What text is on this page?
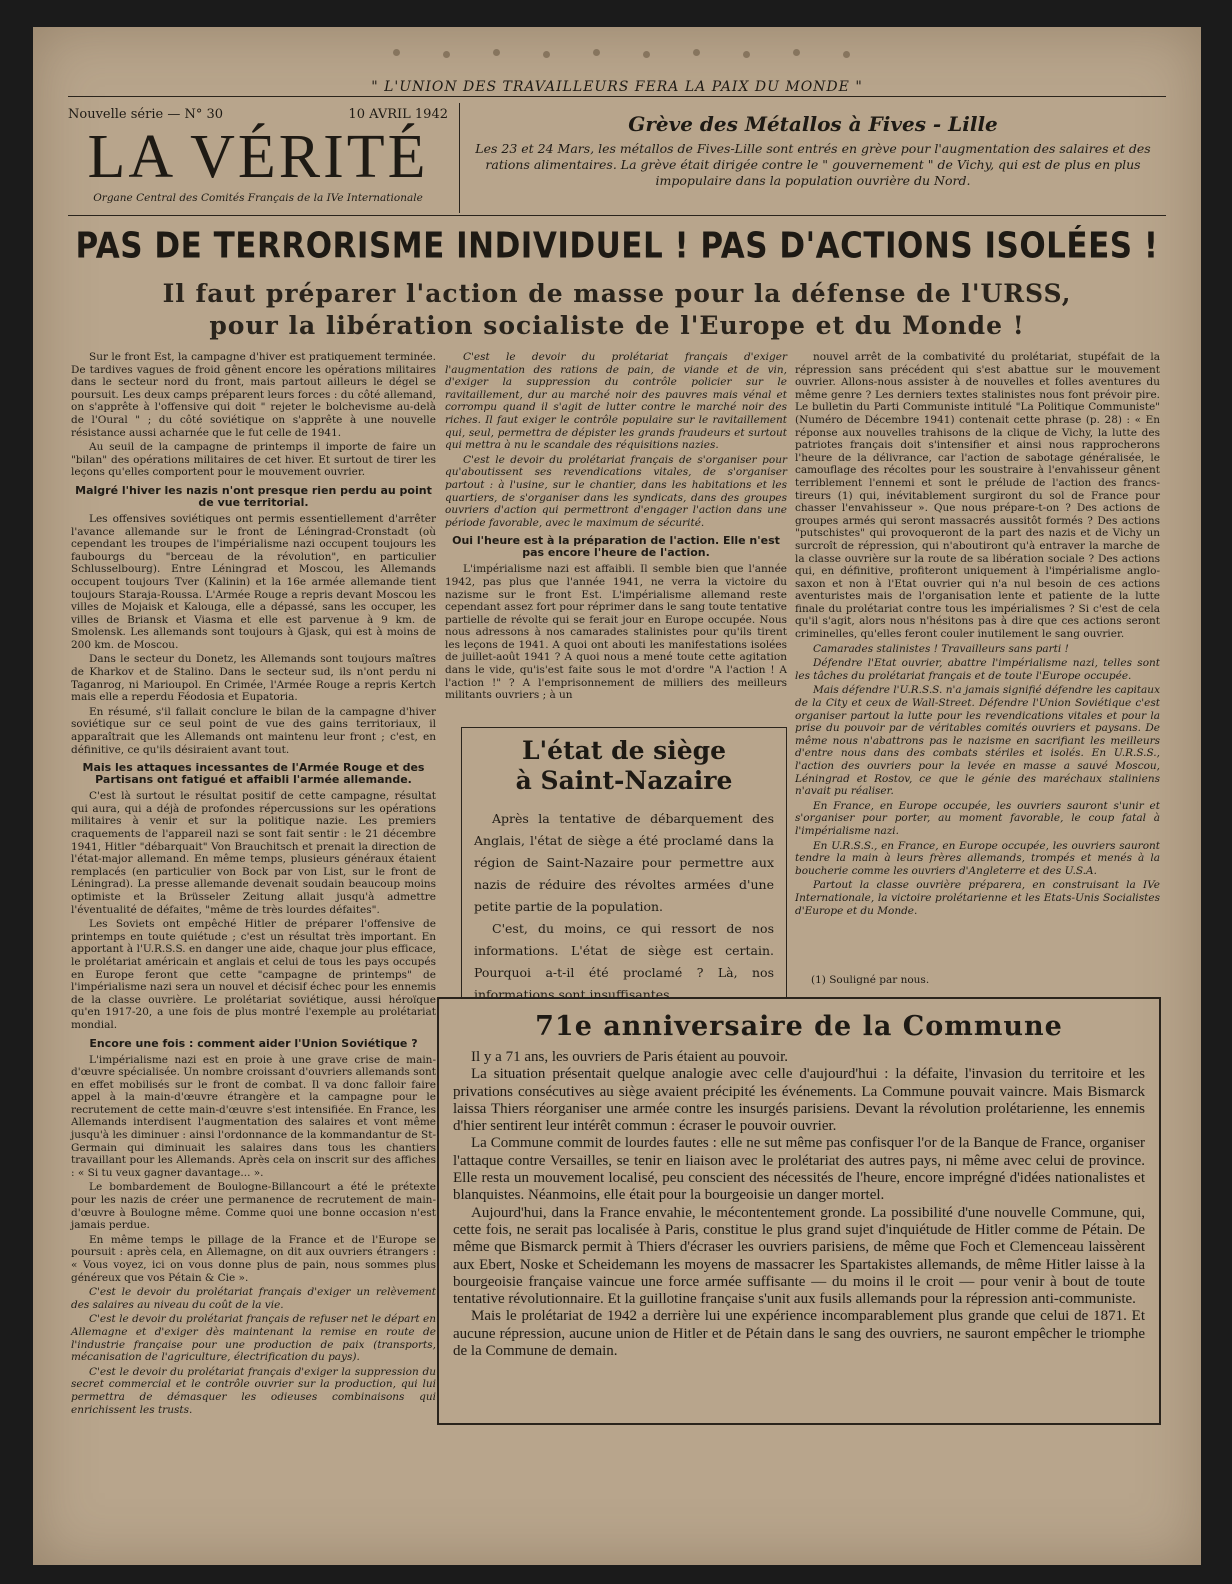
" L'UNION DES TRAVAILLEURS FERA LA PAIX DU MONDE "
Nouvelle série — N° 30	10 AVRIL 1942
LA VÉRITÉ
Organe Central des Comités Français de la IVe Internationale
Grève des Métallos à Fives - Lille
Les 23 et 24 Mars, les métallos de Fives-Lille sont entrés en grève pour l'augmentation des salaires et des rations alimentaires. La grève était dirigée contre le " gouvernement " de Vichy, qui est de plus en plus impopulaire dans la population ouvrière du Nord.
PAS DE TERRORISME INDIVIDUEL ! PAS D'ACTIONS ISOLÉES !
Il faut préparer l'action de masse pour la défense de l'URSS,
pour la libération socialiste de l'Europe et du Monde !

Sur le front Est, la campagne d'hiver est pratiquement terminée. De tardives vagues de froid gênent encore les opérations militaires dans le secteur nord du front, mais partout ailleurs le dégel se poursuit. Les deux camps préparent leurs forces : du côté allemand, on s'apprête à l'offensive qui doit " rejeter le bolchevisme au-delà de l'Oural " ; du côté soviétique on s'apprête à une nouvelle résistance aussi acharnée que le fut celle de 1941.

Au seuil de la campagne de printemps il importe de faire un "bilan" des opérations militaires de cet hiver. Et surtout de tirer les leçons qu'elles comportent pour le mouvement ouvrier.

Malgré l'hiver les nazis n'ont presque rien perdu au point de vue territorial.

Les offensives soviétiques ont permis essentiellement d'arrêter l'avance allemande sur le front de Léningrad-Cronstadt (où cependant les troupes de l'impérialisme nazi occupent toujours les faubourgs du "berceau de la révolution", en particulier Schlusselbourg). Entre Léningrad et Moscou, les Allemands occupent toujours Tver (Kalinin) et la 16e armée allemande tient toujours Staraja-Roussa. L'Armée Rouge a repris devant Moscou les villes de Mojaisk et Kalouga, elle a dépassé, sans les occuper, les villes de Briansk et Viasma et elle est parvenue à 9 km. de Smolensk. Les allemands sont toujours à Gjask, qui est à moins de 200 km. de Moscou.

Dans le secteur du Donetz, les Allemands sont toujours maîtres de Kharkov et de Stalino. Dans le secteur sud, ils n'ont perdu ni Taganrog, ni Marioupol. En Crimée, l'Armée Rouge a repris Kertch mais elle a reperdu Féodosia et Eupatoria.

En résumé, s'il fallait conclure le bilan de la campagne d'hiver soviétique sur ce seul point de vue des gains territoriaux, il apparaîtrait que les Allemands ont maintenu leur front ; c'est, en définitive, ce qu'ils désiraient avant tout.

Mais les attaques incessantes de l'Armée Rouge et des Partisans ont fatigué et affaibli l'armée allemande.

C'est là surtout le résultat positif de cette campagne, résultat qui aura, qui a déjà de profondes répercussions sur les opérations militaires à venir et sur la politique nazie. Les premiers craquements de l'appareil nazi se sont fait sentir : le 21 décembre 1941, Hitler "débarquait" Von Brauchitsch et prenait la direction de l'état-major allemand. En même temps, plusieurs généraux étaient remplacés (en particulier von Bock par von List, sur le front de Léningrad). La presse allemande devenait soudain beaucoup moins optimiste et la Brüsseler Zeitung allait jusqu'à admettre l'éventualité de défaites, "même de très lourdes défaites".

Les Soviets ont empêché Hitler de préparer l'offensive de printemps en toute quiétude ; c'est un résultat très important. En apportant à l'U.R.S.S. en danger une aide, chaque jour plus efficace, le prolétariat américain et anglais et celui de tous les pays occupés en Europe feront que cette "campagne de printemps" de l'impérialisme nazi sera un nouvel et décisif échec pour les ennemis de la classe ouvrière. Le prolétariat soviétique, aussi héroïque qu'en 1917-20, a une fois de plus montré l'exemple au prolétariat mondial.

Encore une fois : comment aider l'Union Soviétique ?

L'impérialisme nazi est en proie à une grave crise de main-d'œuvre spécialisée. Un nombre croissant d'ouvriers allemands sont en effet mobilisés sur le front de combat. Il va donc falloir faire appel à la main-d'œuvre étrangère et la campagne pour le recrutement de cette main-d'œuvre s'est intensifiée. En France, les Allemands interdisent l'augmentation des salaires et vont même jusqu'à les diminuer : ainsi l'ordonnance de la kommandantur de St-Germain qui diminuait les salaires dans tous les chantiers travaillant pour les Allemands. Après cela on inscrit sur des affiches : « Si tu veux gagner davantage... ».

Le bombardement de Boulogne-Billancourt a été le prétexte pour les nazis de créer une permanence de recrutement de main-d'œuvre à Boulogne même. Comme quoi une bonne occasion n'est jamais perdue.

En même temps le pillage de la France et de l'Europe se poursuit : après cela, en Allemagne, on dit aux ouvriers étrangers : « Vous voyez, ici on vous donne plus de pain, nous sommes plus généreux que vos Pétain & Cie ».

C'est le devoir du prolétariat français d'exiger un relèvement des salaires au niveau du coût de la vie.

C'est le devoir du prolétariat français de refuser net le départ en Allemagne et d'exiger dès maintenant la remise en route de l'industrie française pour une production de paix (transports, mécanisation de l'agriculture, électrification du pays).

C'est le devoir du prolétariat français d'exiger la suppression du secret commercial et le contrôle ouvrier sur la production, qui lui permettra de démasquer les odieuses combinaisons qui enrichissent les trusts.

C'est le devoir du prolétariat français d'exiger l'augmentation des rations de pain, de viande et de vin, d'exiger la suppression du contrôle policier sur le ravitaillement, dur au marché noir des pauvres mais vénal et corrompu quand il s'agit de lutter contre le marché noir des riches. Il faut exiger le contrôle populaire sur le ravitaillement qui, seul, permettra de dépister les grands fraudeurs et surtout qui mettra à nu le scandale des réquisitions nazies.

C'est le devoir du prolétariat français de s'organiser pour qu'aboutissent ses revendications vitales, de s'organiser partout : à l'usine, sur le chantier, dans les habitations et les quartiers, de s'organiser dans les syndicats, dans des groupes ouvriers d'action qui permettront d'engager l'action dans une période favorable, avec le maximum de sécurité.

Oui l'heure est à la préparation de l'action. Elle n'est pas encore l'heure de l'action.

L'impérialisme nazi est affaibli. Il semble bien que l'année 1942, pas plus que l'année 1941, ne verra la victoire du nazisme sur le front Est. L'impérialisme allemand reste cependant assez fort pour réprimer dans le sang toute tentative partielle de révolte qui se ferait jour en Europe occupée. Nous nous adressons à nos camarades stalinistes pour qu'ils tirent les leçons de 1941. A quoi ont abouti les manifestations isolées de juillet-août 1941 ? A quoi nous a mené toute cette agitation dans le vide, qu'is'est faite sous le mot d'ordre "A l'action ! A l'action !" ? A l'emprisonnement de milliers des meilleurs militants ouvriers ; à un

L'état de siège
à Saint-Nazaire

Après la tentative de débarquement des Anglais, l'état de siège a été proclamé dans la région de Saint-Nazaire pour permettre aux nazis de réduire des révoltes armées d'une petite partie de la population.

C'est, du moins, ce qui ressort de nos informations. L'état de siège est certain. Pourquoi a-t-il été proclamé ? Là, nos informations sont insuffisantes.

nouvel arrêt de la combativité du prolétariat, stupéfait de la répression sans précédent qui s'est abattue sur le mouvement ouvrier. Allons-nous assister à de nouvelles et folles aventures du même genre ? Les derniers textes stalinistes nous font prévoir pire. Le bulletin du Parti Communiste intitulé "La Politique Communiste" (Numéro de Décembre 1941) contenait cette phrase (p. 28) : « En réponse aux nouvelles trahisons de la clique de Vichy, la lutte des patriotes français doit s'intensifier et ainsi nous rapprocherons l'heure de la délivrance, car l'action de sabotage généralisée, le camouflage des récoltes pour les soustraire à l'envahisseur gênent terriblement l'ennemi et sont le prélude de l'action des francs-tireurs (1) qui, inévitablement surgiront du sol de France pour chasser l'envahisseur ». Que nous prépare-t-on ? Des actions de groupes armés qui seront massacrés aussitôt formés ? Des actions "putschistes" qui provoqueront de la part des nazis et de Vichy un surcroît de répression, qui n'aboutiront qu'à entraver la marche de la classe ouvrière sur la route de sa libération sociale ? Des actions qui, en définitive, profiteront uniquement à l'impérialisme anglo-saxon et non à l'Etat ouvrier qui n'a nul besoin de ces actions aventuristes mais de l'organisation lente et patiente de la lutte finale du prolétariat contre tous les impérialismes ? Si c'est de cela qu'il s'agit, alors nous n'hésitons pas à dire que ces actions seront criminelles, qu'elles feront couler inutilement le sang ouvrier.

Camarades stalinistes ! Travailleurs sans parti !

Défendre l'Etat ouvrier, abattre l'impérialisme nazi, telles sont les tâches du prolétariat français et de toute l'Europe occupée.

Mais défendre l'U.R.S.S. n'a jamais signifié défendre les capitaux de la City et ceux de Wall-Street. Défendre l'Union Soviétique c'est organiser partout la lutte pour les revendications vitales et pour la prise du pouvoir par de véritables comités ouvriers et paysans. De même nous n'abattrons pas le nazisme en sacrifiant les meilleurs d'entre nous dans des combats stériles et isolés. En U.R.S.S., l'action des ouvriers pour la levée en masse a sauvé Moscou, Léningrad et Rostov, ce que le génie des maréchaux staliniens n'avait pu réaliser.

En France, en Europe occupée, les ouvriers sauront s'unir et s'organiser pour porter, au moment favorable, le coup fatal à l'impérialisme nazi.

En U.R.S.S., en France, en Europe occupée, les ouvriers sauront tendre la main à leurs frères allemands, trompés et menés à la boucherie comme les ouvriers d'Angleterre et des U.S.A.

Partout la classe ouvrière préparera, en construisant la IVe Internationale, la victoire prolétarienne et les Etats-Unis Socialistes d'Europe et du Monde.

(1) Souligné par nous.
71e anniversaire de la Commune

Il y a 71 ans, les ouvriers de Paris étaient au pouvoir.

La situation présentait quelque analogie avec celle d'aujourd'hui : la défaite, l'invasion du territoire et les privations consécutives au siège avaient précipité les événements. La Commune pouvait vaincre. Mais Bismarck laissa Thiers réorganiser une armée contre les insurgés parisiens. Devant la révolution prolétarienne, les ennemis d'hier sentirent leur intérêt commun : écraser le pouvoir ouvrier.

La Commune commit de lourdes fautes : elle ne sut même pas confisquer l'or de la Banque de France, organiser l'attaque contre Versailles, se tenir en liaison avec le prolétariat des autres pays, ni même avec celui de province. Elle resta un mouvement localisé, peu conscient des nécessités de l'heure, encore imprégné d'idées nationalistes et blanquistes. Néanmoins, elle était pour la bourgeoisie un danger mortel.

Aujourd'hui, dans la France envahie, le mécontentement gronde. La possibilité d'une nouvelle Commune, qui, cette fois, ne serait pas localisée à Paris, constitue le plus grand sujet d'inquiétude de Hitler comme de Pétain. De même que Bismarck permit à Thiers d'écraser les ouvriers parisiens, de même que Foch et Clemenceau laissèrent aux Ebert, Noske et Scheidemann les moyens de massacrer les Spartakistes allemands, de même Hitler laisse à la bourgeoisie française vaincue une force armée suffisante — du moins il le croit — pour venir à bout de toute tentative révolutionnaire. Et la guillotine française s'unit aux fusils allemands pour la répression anti-communiste.

Mais le prolétariat de 1942 a derrière lui une expérience incomparablement plus grande que celui de 1871. Et aucune répression, aucune union de Hitler et de Pétain dans le sang des ouvriers, ne sauront empêcher le triomphe de la Commune de demain.
